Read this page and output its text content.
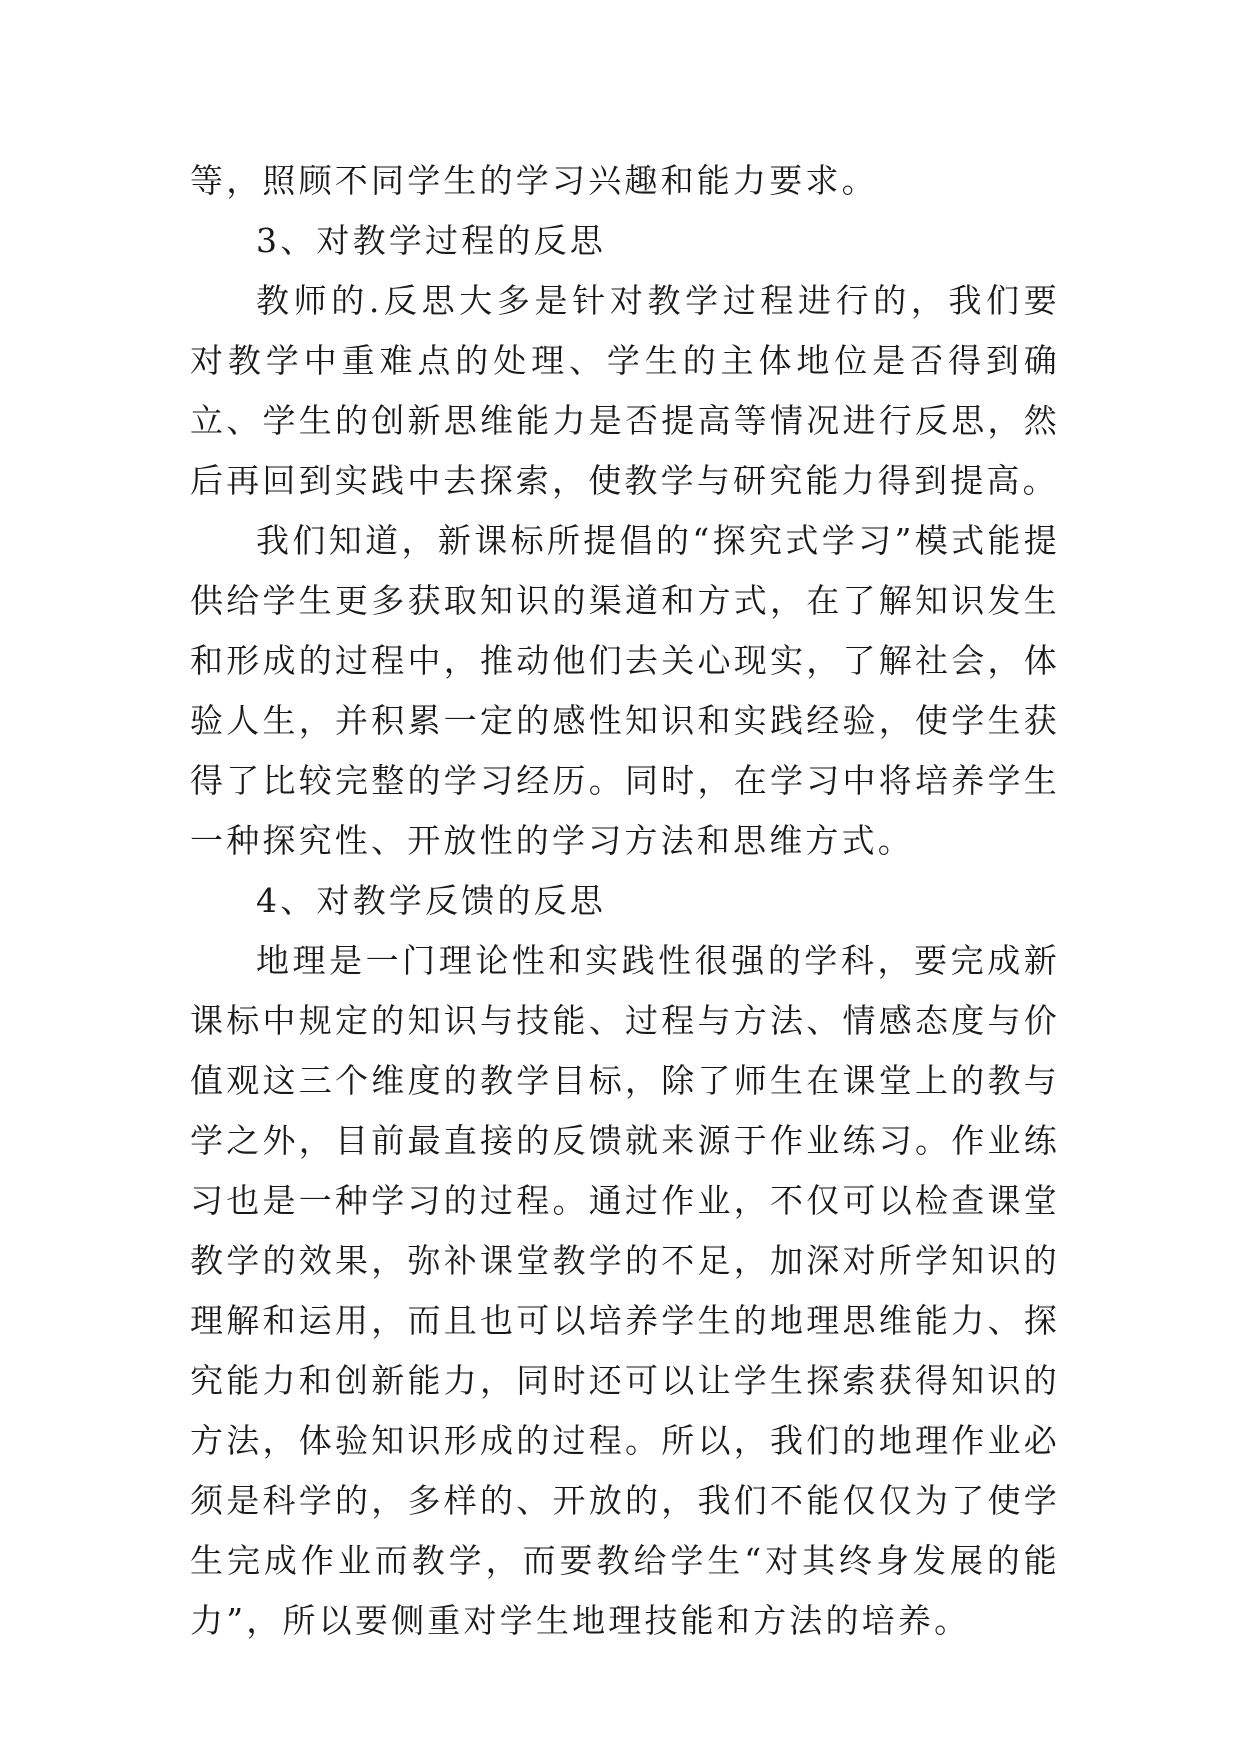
等，照顾不同学生的学习兴趣和能力要求。

3、对教学过程的反思

教师的.反思大多是针对教学过程进行的，我们要对教学中重难点的处理、学生的主体地位是否得到确立、学生的创新思维能力是否提高等情况进行反思，然后再回到实践中去探索，使教学与研究能力得到提高。

我们知道，新课标所提倡的“探究式学习”模式能提供给学生更多获取知识的渠道和方式，在了解知识发生和形成的过程中，推动他们去关心现实，了解社会，体验人生，并积累一定的感性知识和实践经验，使学生获得了比较完整的学习经历。同时，在学习中将培养学生一种探究性、开放性的学习方法和思维方式。

4、对教学反馈的反思

地理是一门理论性和实践性很强的学科，要完成新课标中规定的知识与技能、过程与方法、情感态度与价值观这三个维度的教学目标，除了师生在课堂上的教与学之外，目前最直接的反馈就来源于作业练习。作业练习也是一种学习的过程。通过作业，不仅可以检查课堂教学的效果，弥补课堂教学的不足，加深对所学知识的理解和运用，而且也可以培养学生的地理思维能力、探究能力和创新能力，同时还可以让学生探索获得知识的方法，体验知识形成的过程。所以，我们的地理作业必须是科学的，多样的、开放的，我们不能仅仅为了使学生完成作业而教学，而要教给学生“对其终身发展的能力”，所以要侧重对学生地理技能和方法的培养。
